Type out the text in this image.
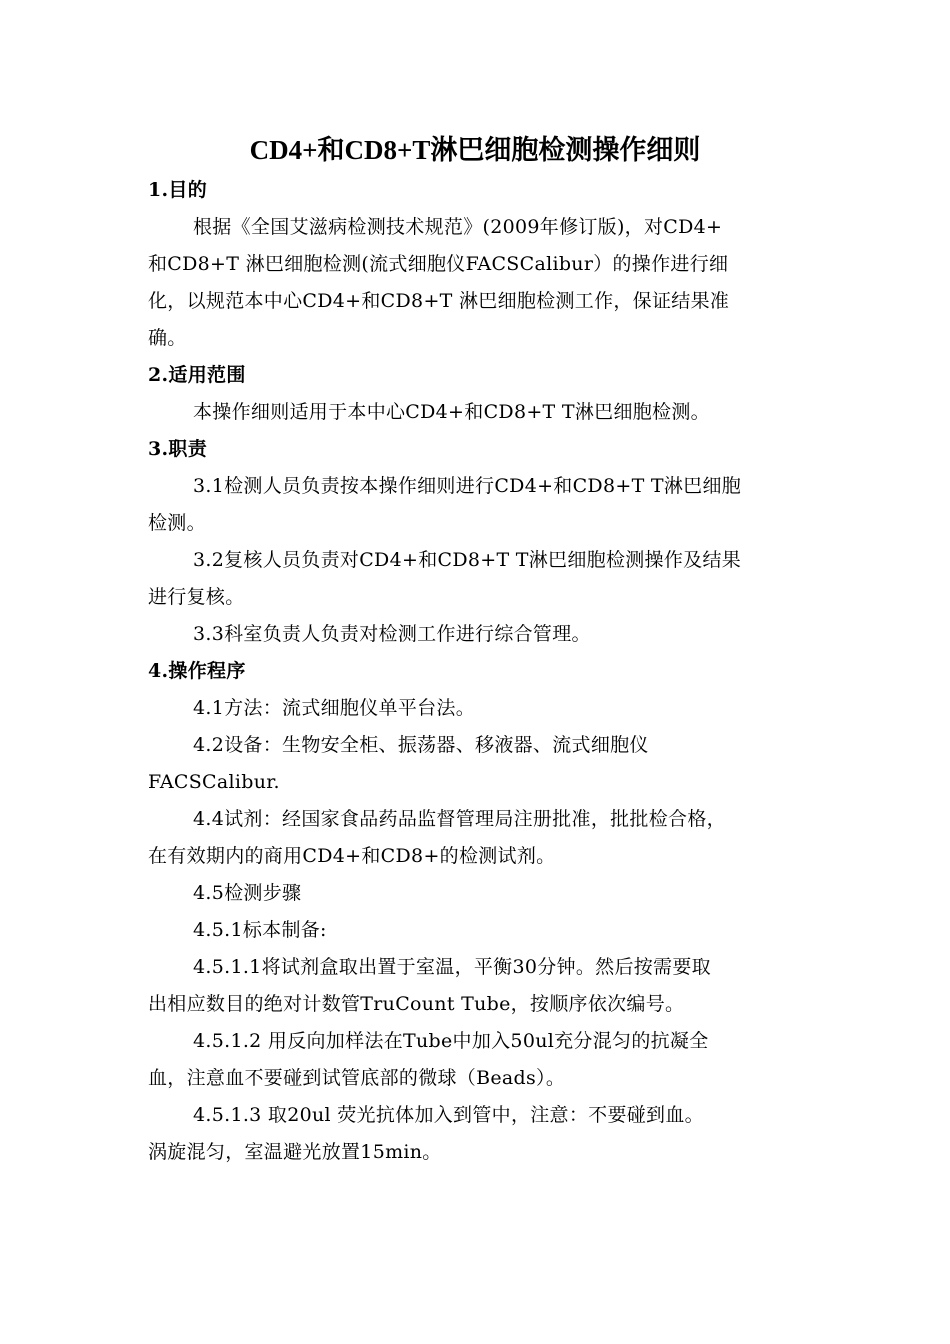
CD4+和CD8+T淋巴细胞检测操作细则
1.目的
根据《全国艾滋病检测技术规范》(2009年修订版)，对CD4+
和CD8+T 淋巴细胞检测(流式细胞仪FACSCalibur）的操作进行细
化，以规范本中心CD4+和CD8+T 淋巴细胞检测工作，保证结果准
确。
2.适用范围
本操作细则适用于本中心CD4+和CD8+T T淋巴细胞检测。
3.职责
3.1检测人员负责按本操作细则进行CD4+和CD8+T T淋巴细胞
检测。
3.2复核人员负责对CD4+和CD8+T T淋巴细胞检测操作及结果
进行复核。
3.3科室负责人负责对检测工作进行综合管理。
4.操作程序
4.1方法：流式细胞仪单平台法。
4.2设备：生物安全柜、振荡器、移液器、流式细胞仪
FACSCalibur.
4.4试剂：经国家食品药品监督管理局注册批准，批批检合格，
在有效期内的商用CD4+和CD8+的检测试剂。
4.5检测步骤
4.5.1标本制备:
4.5.1.1将试剂盒取出置于室温，平衡30分钟。然后按需要取
出相应数目的绝对计数管TruCount Tube，按顺序依次编号。
4.5.1.2 用反向加样法在Tube中加入50ul充分混匀的抗凝全
血，注意血不要碰到试管底部的微球（Beads）。
4.5.1.3 取20ul 荧光抗体加入到管中，注意：不要碰到血。
涡旋混匀，室温避光放置15min。
